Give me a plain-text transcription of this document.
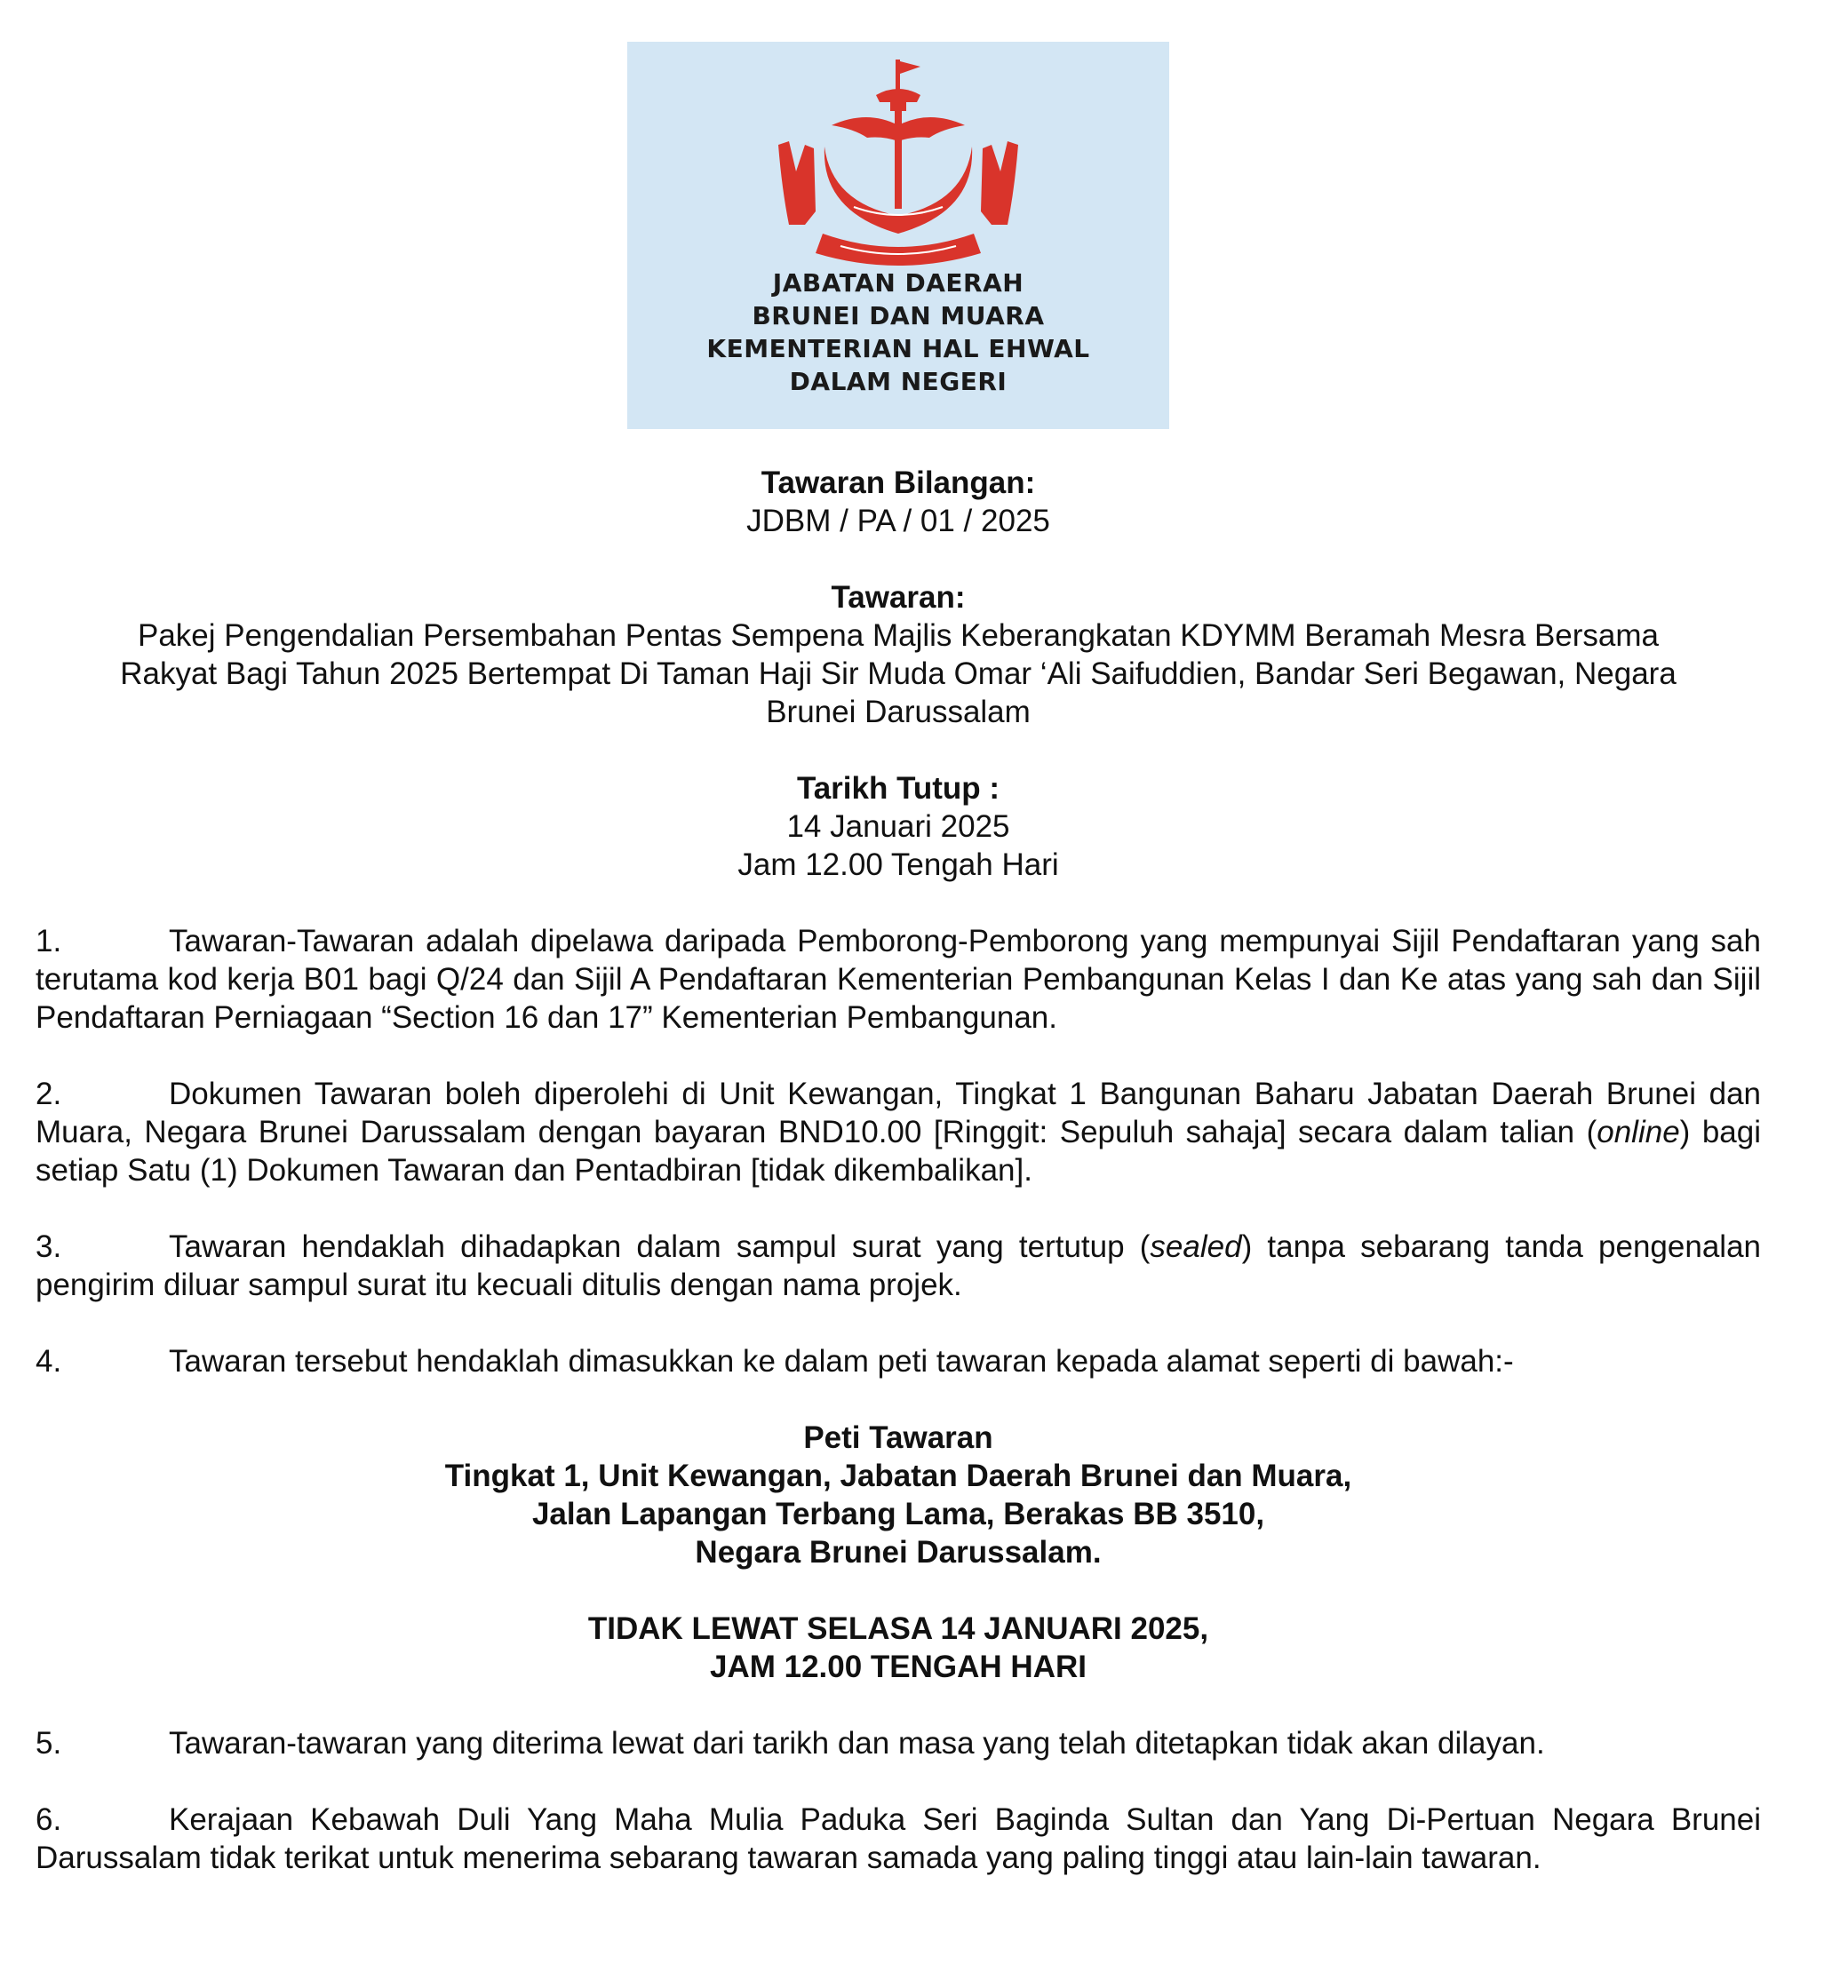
JABATAN DAERAH
BRUNEI DAN MUARA
KEMENTERIAN HAL EHWAL
DALAM NEGERI
Tawaran Bilangan:
JDBM / PA / 01 / 2025
Tawaran:
Pakej Pengendalian Persembahan Pentas Sempena Majlis Keberangkatan KDYMM Beramah Mesra Bersama
Rakyat Bagi Tahun 2025 Bertempat Di Taman Haji Sir Muda Omar ‘Ali Saifuddien, Bandar Seri Begawan, Negara
Brunei Darussalam
Tarikh Tutup :
14 Januari 2025
Jam 12.00 Tengah Hari
1.	Tawaran-Tawaran adalah dipelawa daripada Pemborong-Pemborong yang mempunyai Sijil Pendaftaran yang sah terutama kod kerja B01 bagi Q/24 dan Sijil A Pendaftaran Kementerian Pembangunan Kelas I dan Ke atas yang sah dan Sijil Pendaftaran Perniagaan “Section 16 dan 17” Kementerian Pembangunan.
2.	Dokumen Tawaran boleh diperolehi di Unit Kewangan, Tingkat 1 Bangunan Baharu Jabatan Daerah Brunei dan Muara, Negara Brunei Darussalam dengan bayaran BND10.00 [Ringgit: Sepuluh sahaja] secara dalam talian (online) bagi setiap Satu (1) Dokumen Tawaran dan Pentadbiran [tidak dikembalikan].
3.	Tawaran hendaklah dihadapkan dalam sampul surat yang tertutup (sealed) tanpa sebarang tanda pengenalan pengirim diluar sampul surat itu kecuali ditulis dengan nama projek.
4.	Tawaran tersebut hendaklah dimasukkan ke dalam peti tawaran kepada alamat seperti di bawah:-
Peti Tawaran
Tingkat 1, Unit Kewangan, Jabatan Daerah Brunei dan Muara,
Jalan Lapangan Terbang Lama, Berakas BB 3510,
Negara Brunei Darussalam.
TIDAK LEWAT SELASA 14 JANUARI 2025,
JAM 12.00 TENGAH HARI
5.	Tawaran-tawaran yang diterima lewat dari tarikh dan masa yang telah ditetapkan tidak akan dilayan.
6.	Kerajaan Kebawah Duli Yang Maha Mulia Paduka Seri Baginda Sultan dan Yang Di-Pertuan Negara Brunei Darussalam tidak terikat untuk menerima sebarang tawaran samada yang paling tinggi atau lain-lain tawaran.
